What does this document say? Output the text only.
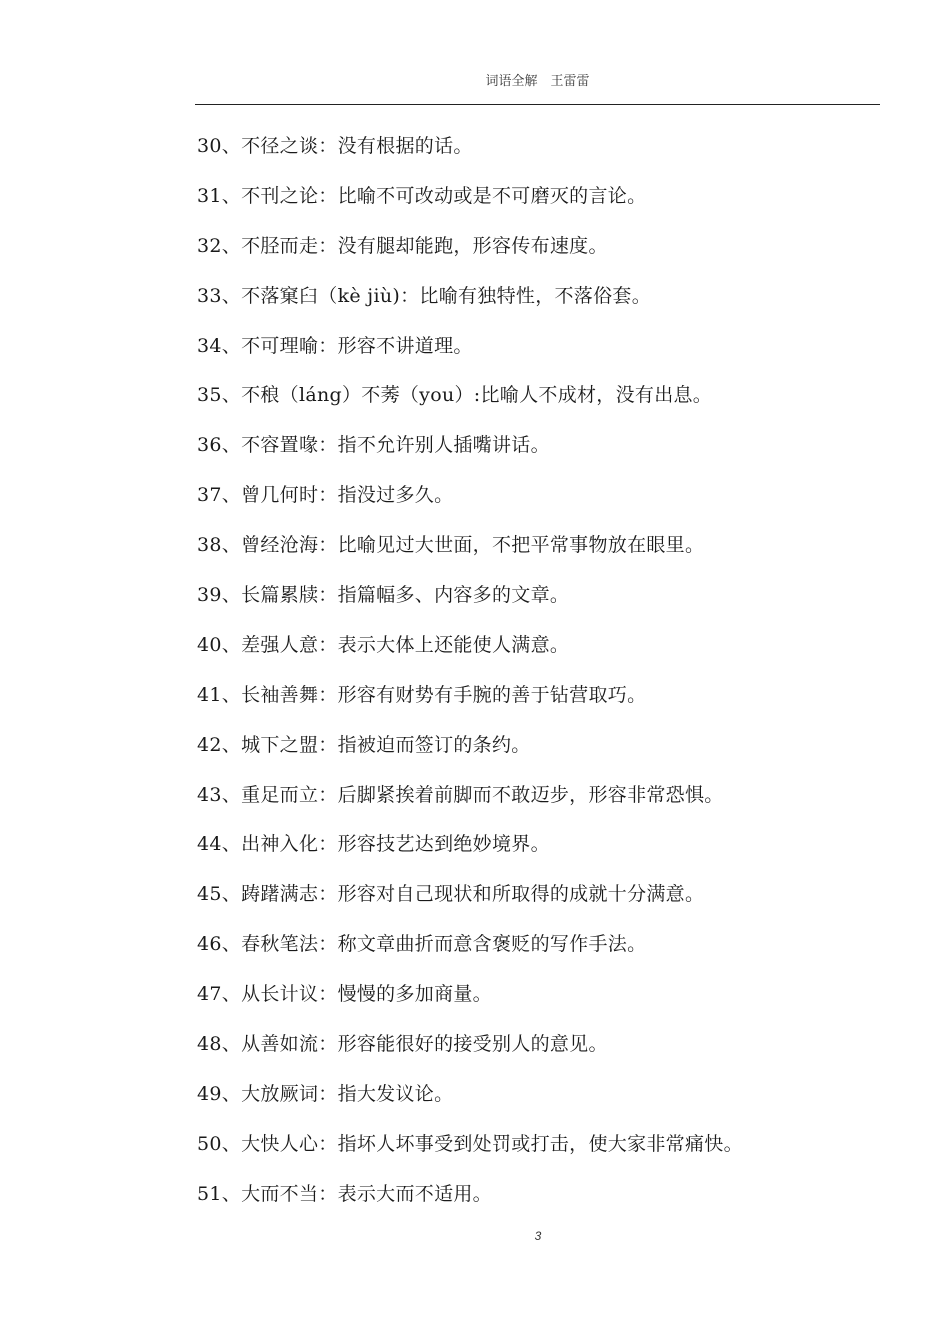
词语全解　王雷雷
30、不径之谈：没有根据的话。
31、不刊之论：比喻不可改动或是不可磨灭的言论。
32、不胫而走：没有腿却能跑，形容传布速度。
33、不落窠臼（kè jiù)：比喻有独特性，不落俗套。
34、不可理喻：形容不讲道理。
35、不稂（láng）不莠（you）:比喻人不成材，没有出息。
36、不容置喙：指不允许别人插嘴讲话。
37、曾几何时：指没过多久。
38、曾经沧海：比喻见过大世面，不把平常事物放在眼里。
39、长篇累牍：指篇幅多、内容多的文章。
40、差强人意：表示大体上还能使人满意。
41、长袖善舞：形容有财势有手腕的善于钻营取巧。
42、城下之盟：指被迫而签订的条约。
43、重足而立：后脚紧挨着前脚而不敢迈步，形容非常恐惧。
44、出神入化：形容技艺达到绝妙境界。
45、踌躇满志：形容对自己现状和所取得的成就十分满意。
46、春秋笔法：称文章曲折而意含褒贬的写作手法。
47、从长计议：慢慢的多加商量。
48、从善如流：形容能很好的接受别人的意见。
49、大放厥词：指大发议论。
50、大快人心：指坏人坏事受到处罚或打击，使大家非常痛快。
51、大而不当：表示大而不适用。
3
